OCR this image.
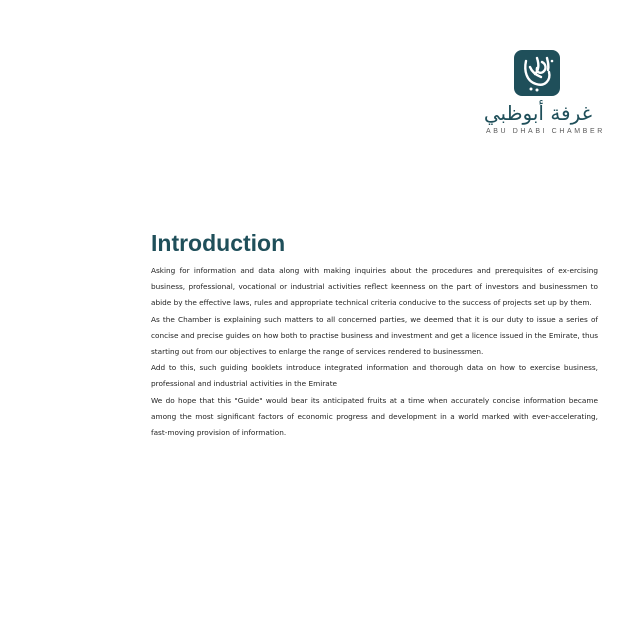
غرفة أبوظبي
ABU DHABI CHAMBER
Introduction

Asking for information and data along with making inquiries about the procedures and prerequisites of ex-ercising business, professional, vocational or industrial activities reflect keenness on the part of investors and businessmen to abide by the effective laws, rules and appropriate technical criteria conducive to the success of projects set up by them.

As the Chamber is explaining such matters to all concerned parties, we deemed that it is our duty to issue a series of concise and precise guides on how both to practise business and investment and get a licence issued in the Emirate, thus starting out from our objectives to enlarge the range of services rendered to businessmen.

Add to this, such guiding booklets introduce integrated information and thorough data on how to exercise business, professional and industrial activities in the Emirate

We do hope that this "Guide" would bear its anticipated fruits at a time when accurately concise information became among the most significant factors of economic progress and development in a world marked with ever-accelerating, fast-moving provision of information.
